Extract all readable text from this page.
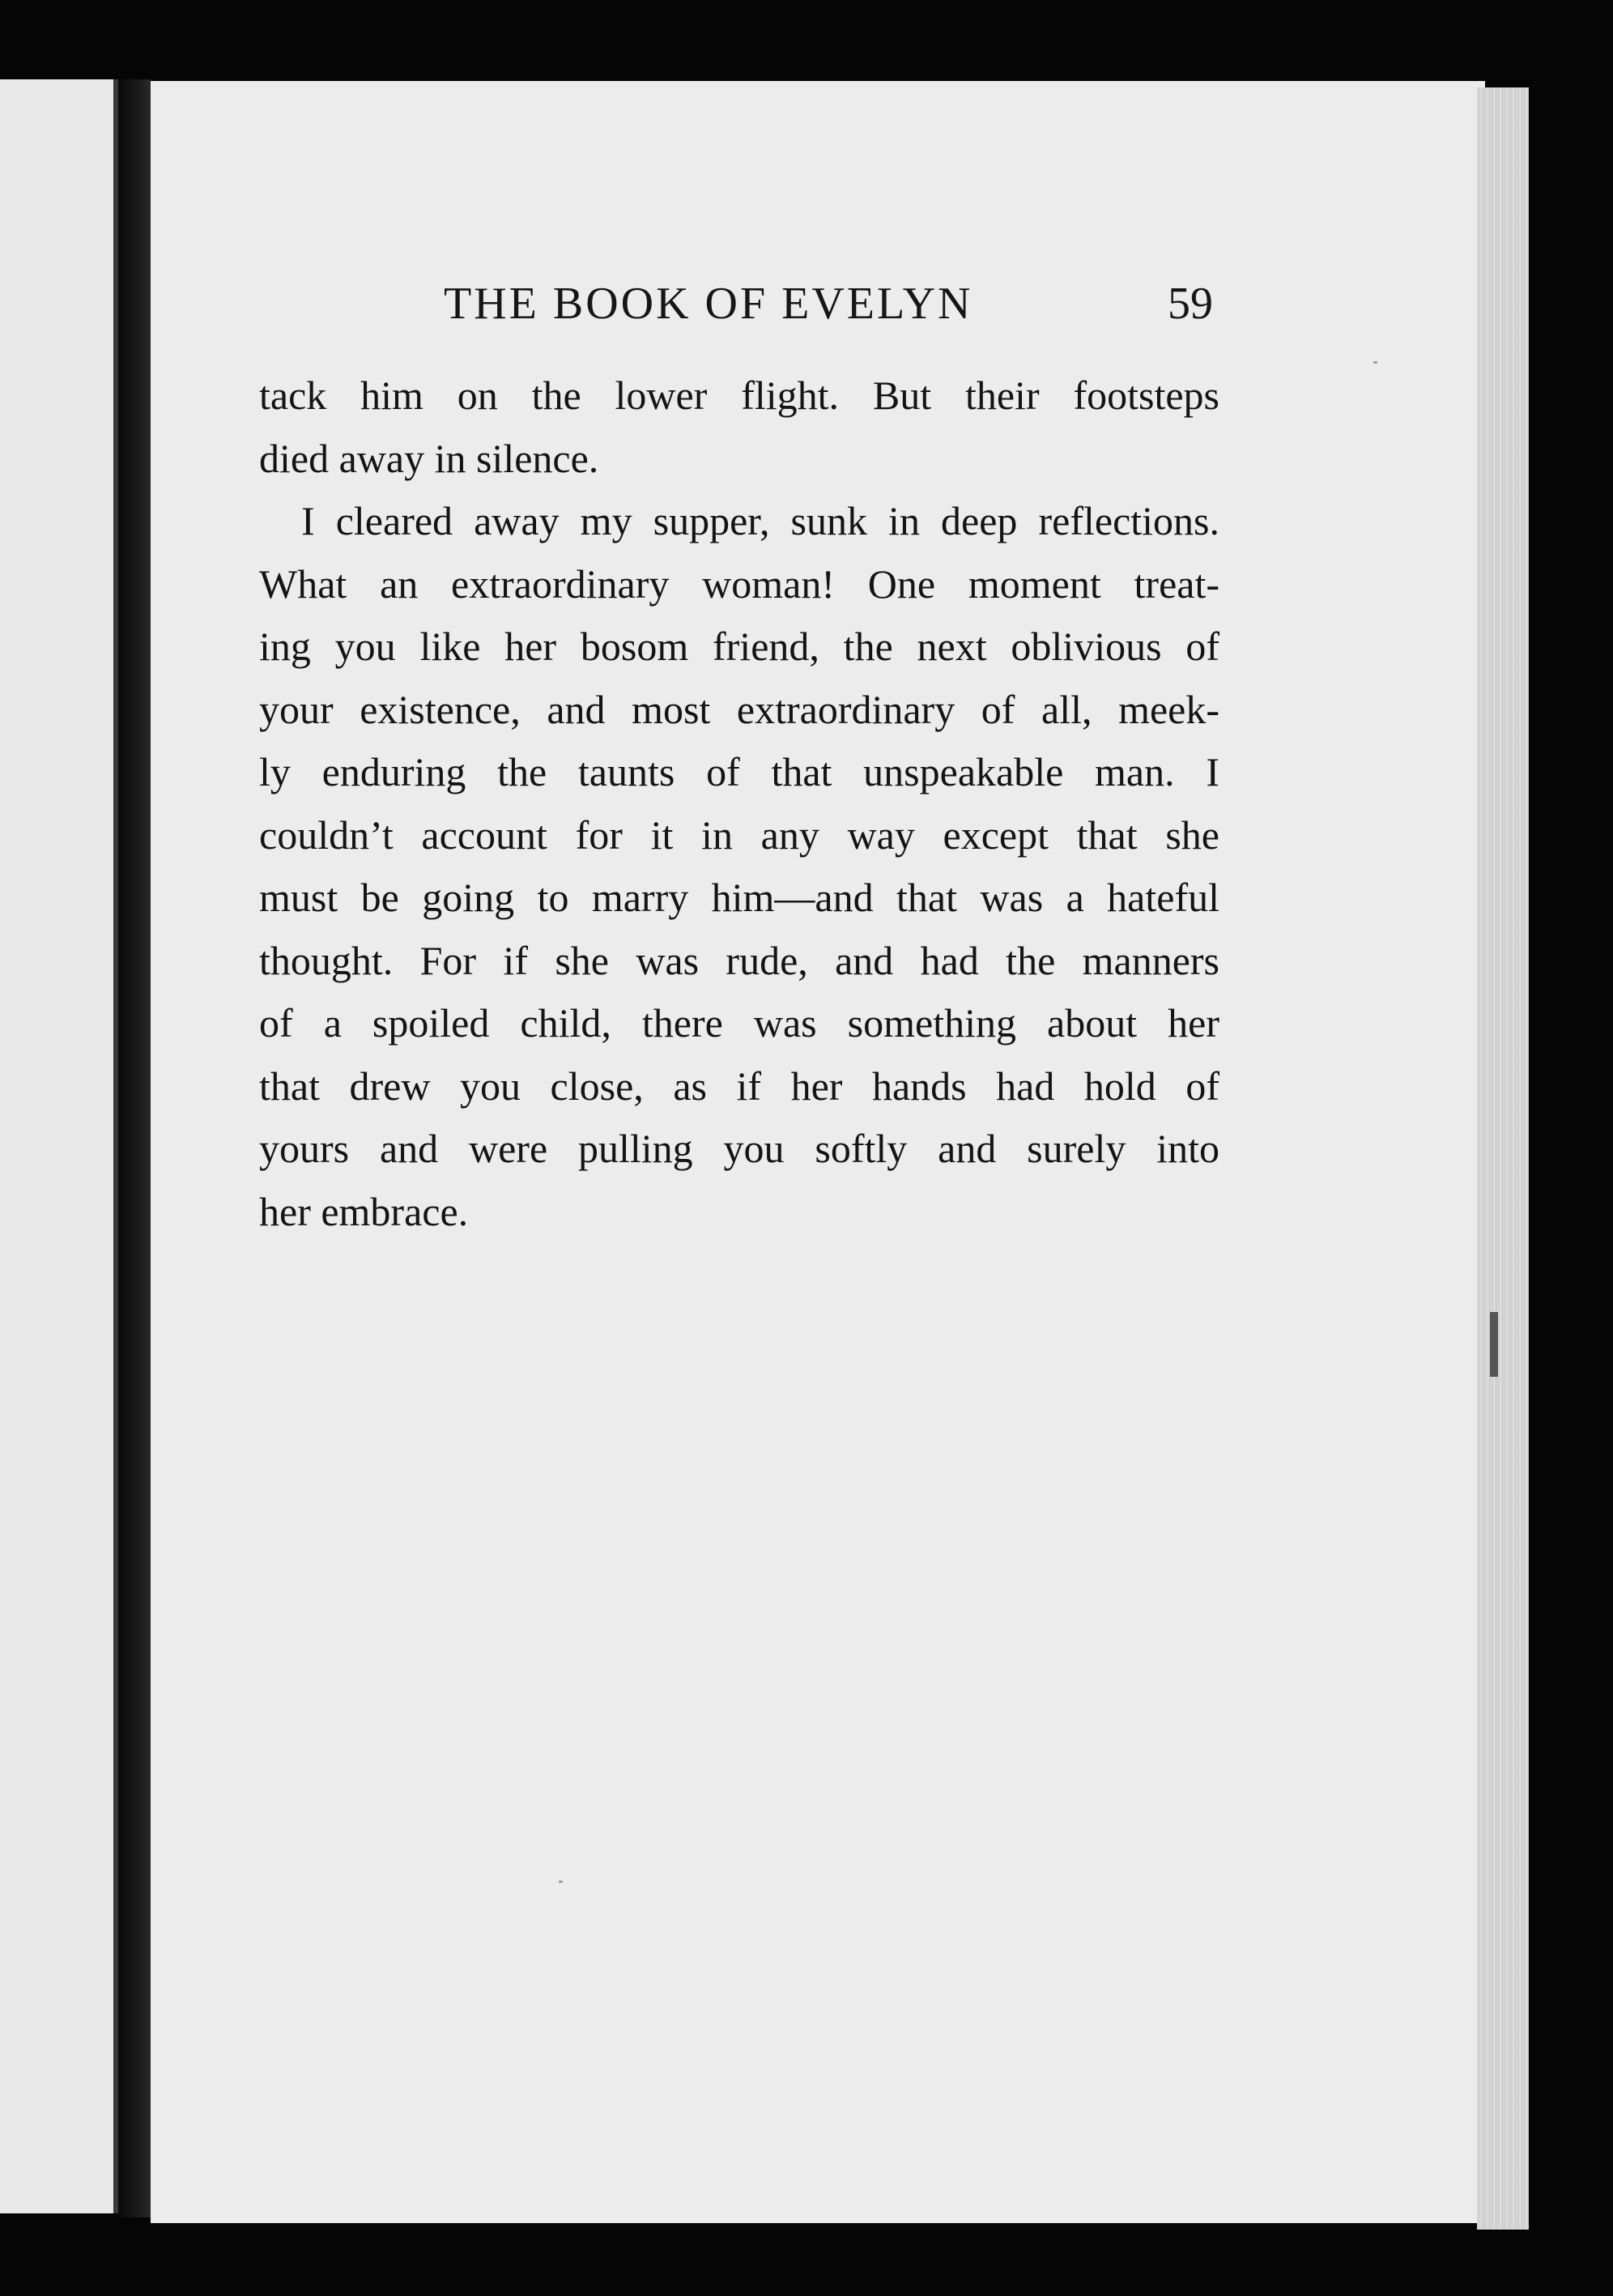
THE BOOK OF EVELYN	59
tack him on the lower flight. But their footsteps
died away in silence.
I cleared away my supper, sunk in deep reflections.
What an extraordinary woman! One moment treat-
ing you like her bosom friend, the next oblivious of
your existence, and most extraordinary of all, meek-
ly enduring the taunts of that unspeakable man. I
couldn’t account for it in any way except that she
must be going to marry him—and that was a hateful
thought. For if she was rude, and had the manners
of a spoiled child, there was something about her
that drew you close, as if her hands had hold of
yours and were pulling you softly and surely into
her embrace.
